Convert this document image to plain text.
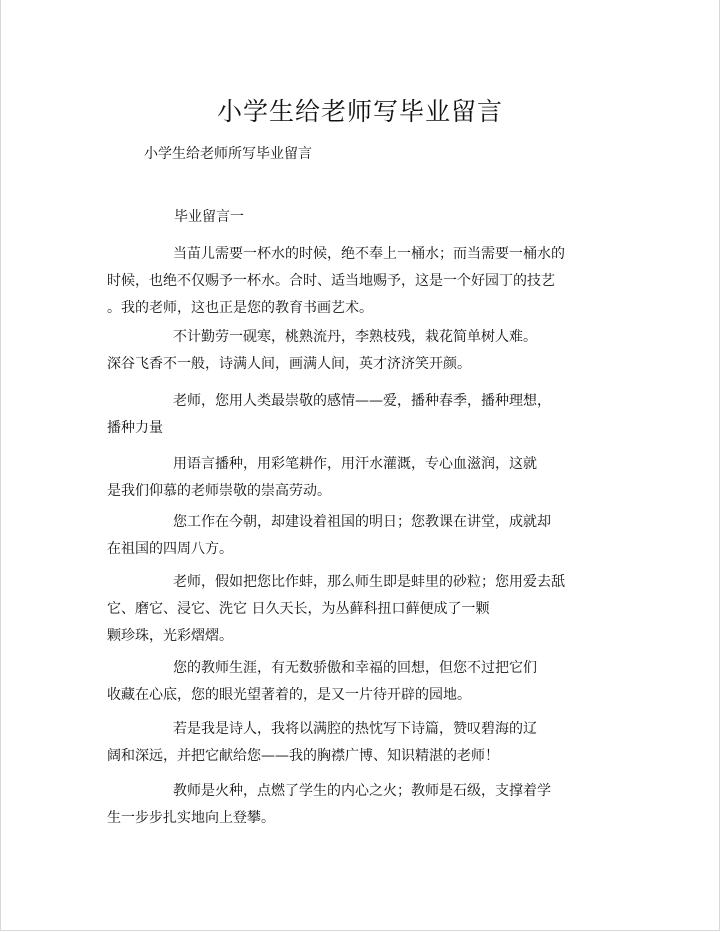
小学生给老师写毕业留言
小学生给老师所写毕业留言
毕业留言一
当苗儿需要一杯水的时候，绝不奉上一桶水；而当需要一桶水的
时候，也绝不仅赐予一杯水。合时、适当地赐予，这是一个好园丁的技艺
。我的老师，这也正是您的教育书画艺术。
不计勤劳一砚寒，桃熟流丹，李熟枝残，栽花简单树人难。
深谷飞香不一般，诗满人间，画满人间，英才济济笑开颜。
老师，您用人类最崇敬的感情——爱，播种春季，播种理想，
播种力量
用语言播种，用彩笔耕作，用汗水灌溉，专心血滋润，这就
是我们仰慕的老师崇敬的崇高劳动。
您工作在今朝，却建设着祖国的明日；您教课在讲堂，成就却
在祖国的四周八方。
老师，假如把您比作蚌，那么师生即是蚌里的砂粒；您用爱去舐
它、磨它、浸它、洗它 日久天长，为丛藓科扭口藓便成了一颗
颗珍珠，光彩熠熠。
您的教师生涯，有无数骄傲和幸福的回想，但您不过把它们
收藏在心底，您的眼光望著着的，是又一片待开辟的园地。
若是我是诗人，我将以满腔的热忱写下诗篇，赞叹碧海的辽
阔和深远，并把它献给您——我的胸襟广博、知识精湛的老师！
教师是火种，点燃了学生的内心之火；教师是石级，支撑着学
生一步步扎实地向上登攀。
